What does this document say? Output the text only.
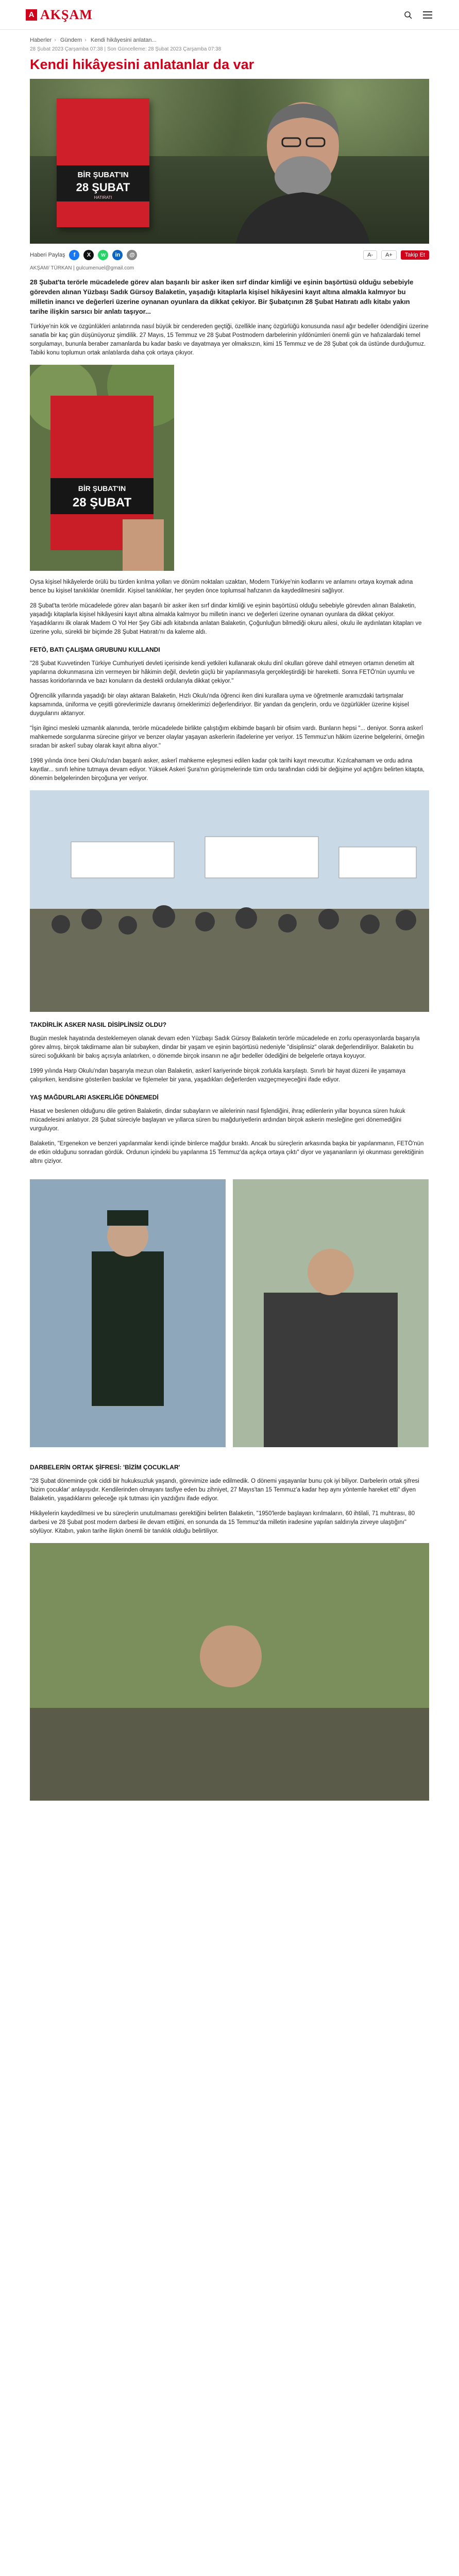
A AKŞAM
Haberler › Gündem › Kendi hikâyesini anlatan...
28 Şubat 2023 Çarşamba 07:38 | Son Güncelleme: 28 Şubat 2023 Çarşamba 07:38
Kendi hikâyesini anlatanlar da var
BİR ŞUBAT'IN
28 ŞUBAT
HATIRATI
Haberi Paylaş	f	X	w	in	@	A-	A+	Takip Et
AKŞAM/ TÜRKAN | gulcumenuel@gmail.com

28 Şubat'ta terörle mücadelede görev alan başarılı bir asker iken sırf dindar kimliği ve eşinin başörtüsü olduğu sebebiyle görevden alınan Yüzbaşı Sadık Gürsoy Balaketin, yaşadığı kitaplarla kişisel hikâyesini kayıt altına almakla kalmıyor bu milletin inancı ve değerleri üzerine oynanan oyunlara da dikkat çekiyor. Bir Şubatçının 28 Şubat Hatıratı adlı kitabı yakın tarihe ilişkin sarsıcı bir anlatı taşıyor...

Türkiye'nin kök ve özgünlükleri anlatırında nasıl büyük bir cendereden geçtiği, özellikle inanç özgürlüğü konusunda nasıl ağır bedeller ödendiğini üzerine sanatla bir kaç gün düşünüyoruz şimdilik. 27 Mayıs, 15 Temmuz ve 28 Şubat Postmodern darbelerinin yıldönümleri önemli gün ve hafızalardaki temel sorgulamayı, bununla beraber zamanlarda bu kadar baskı ve dayatmaya yer olmaksızın, kimi 15 Temmuz ve de 28 Şubat çok da üstünde durduğumuz. Tabiki konu toplumun ortak anlatılarda daha çok ortaya çıkıyor.

BİR ŞUBAT'IN
28 ŞUBAT

Oysa kişisel hikâyelerde örülü bu türden kırılma yolları ve dönüm noktaları uzaktan, Modern Türkiye'nin kodlarını ve anlamını ortaya koymak adına bence bu kişisel tanıklıklar önemlidir. Kişisel tanıklıklar, her şeyden önce toplumsal hafızanın da kaydedilmesini sağlıyor.

28 Şubat'ta terörle mücadelede görev alan başarılı bir asker iken sırf dindar kimliği ve eşinin başörtüsü olduğu sebebiyle görevden alınan Balaketin, yaşadığı kitaplarla kişisel hikâyesini kayıt altına almakla kalmıyor bu milletin inancı ve değerleri üzerine oynanan oyunlara da dikkat çekiyor. Yaşadıklarını ilk olarak Madem O Yol Her Şey Gibi adlı kitabında anlatan Balaketin, Çoğunluğun bilmediği okuru ailesi, okulu ile aydınlatan kitapları ve üzerine yolu, sürekli bir biçimde 28 Şubat Hatıratı'nı da kaleme aldı.

FETÖ, BATI ÇALIŞMA GRUBUNU KULLANDI

"28 Şubat Kuvvetinden Türkiye Cumhuriyeti devleti içerisinde kendi yetkileri kullanarak okulu dinî okulları göreve dahil etmeyen ortamın denetim alt yapılarına dokunmasına izin vermeyen bir hâkimin değil, devletin güçlü bir yapılanmasıyla gerçekleştirdiği bir hareketti. Sonra FETÖ'nün uyumlu ve hassas koridorlarında ve bazı konuların da destekli ordularıyla dikkat çekiyor."

Öğrencilik yıllarında yaşadığı bir olayı aktaran Balaketin, Hızlı Okulu'nda öğrenci iken dini kurallara uyma ve öğretmenle aramızdaki tartışmalar kapsamında, üniforma ve çeşitli görevlerimizle davranış örneklerimizi değerlendiriyor. Bir yandan da gençlerin, ordu ve özgürlükler üzerine kişisel duygularını aktarıyor.

"İşin ilginci mesleki uzmanlık alanında, terörle mücadelede birlikte çalıştığım ekibimde başarılı bir ofisim vardı. Bunların hepsi "... deniyor. Sonra askerî mahkemede sorgulanma sürecine giriyor ve benzer olaylar yaşayan askerlerin ifadelerine yer veriyor. 15 Temmuz'un hâkim üzerine belgelerini, örneğin sıradan bir askerî subay olarak kayıt altına alıyor."

1998 yılında önce beni Okulu'ndan başarılı asker, askerî mahkeme eşleşmesi edilen kadar çok tarihi kayıt mevcuttur. Kızılcahamam ve ordu adına kayıtlar... sınıfı lehine tutmaya devam ediyor. Yüksek Askeri Şura'nın görüşmelerinde tüm ordu tarafından ciddi bir değişime yol açtığını belirten kitapta, dönemin belgelerinden birçoğuna yer veriyor.

TAKDİRLİK ASKER NASIL DİSİPLİNSİZ OLDU?

Bugün meslek hayatında desteklemeyen olanak devam eden Yüzbaşı Sadık Gürsoy Balaketin terörle mücadelede en zorlu operasyonlarda başarıyla görev almış, birçok takdirname alan bir subayken, dindar bir yaşam ve eşinin başörtüsü nedeniyle "disiplinsiz" olarak değerlendiriliyor. Balaketin bu süreci soğukkanlı bir bakış açısıyla anlatırken, o dönemde birçok insanın ne ağır bedeller ödediğini de belgelerle ortaya koyuyor.

1999 yılında Harp Okulu'ndan başarıyla mezun olan Balaketin, askerî kariyerinde birçok zorlukla karşılaştı. Sınırlı bir hayat düzeni ile yaşamaya çalışırken, kendisine gösterilen baskılar ve fişlemeler bir yana, yaşadıkları değerlerden vazgeçmeyeceğini ifade ediyor.

YAŞ MAĞDURLARI ASKERLİĞE DÖNEMEDİ

Hasat ve beslenen olduğunu dile getiren Balaketin, dindar subayların ve ailelerinin nasıl fişlendiğini, ihraç edilenlerin yıllar boyunca süren hukuk mücadelesini anlatıyor. 28 Şubat süreciyle başlayan ve yıllarca süren bu mağduriyetlerin ardından birçok askerin mesleğine geri dönemediğini vurguluyor.

Balaketin, "Ergenekon ve benzeri yapılanmalar kendi içinde binlerce mağdur bıraktı. Ancak bu süreçlerin arkasında başka bir yapılanmanın, FETÖ'nün de etkin olduğunu sonradan gördük. Ordunun içindeki bu yapılanma 15 Temmuz'da açıkça ortaya çıktı" diyor ve yaşananların iyi okunması gerektiğinin altını çiziyor.

DARBELERİN ORTAK ŞİFRESİ: 'BİZİM ÇOCUKLAR'

"28 Şubat döneminde çok ciddi bir hukuksuzluk yaşandı, görevimize iade edilmedik. O dönemi yaşayanlar bunu çok iyi biliyor. Darbelerin ortak şifresi 'bizim çocuklar' anlayışıdır. Kendilerinden olmayanı tasfiye eden bu zihniyet, 27 Mayıs'tan 15 Temmuz'a kadar hep aynı yöntemle hareket etti" diyen Balaketin, yaşadıklarını geleceğe ışık tutması için yazdığını ifade ediyor.

Hikâyelerin kaydedilmesi ve bu süreçlerin unutulmaması gerektiğini belirten Balaketin, "1950'lerde başlayan kırılmaların, 60 ihtilali, 71 muhtırası, 80 darbesi ve 28 Şubat post modern darbesi ile devam ettiğini, en sonunda da 15 Temmuz'da milletin iradesine yapılan saldırıyla zirveye ulaştığını" söylüyor. Kitabın, yakın tarihe ilişkin önemli bir tanıklık olduğu belirtiliyor.
